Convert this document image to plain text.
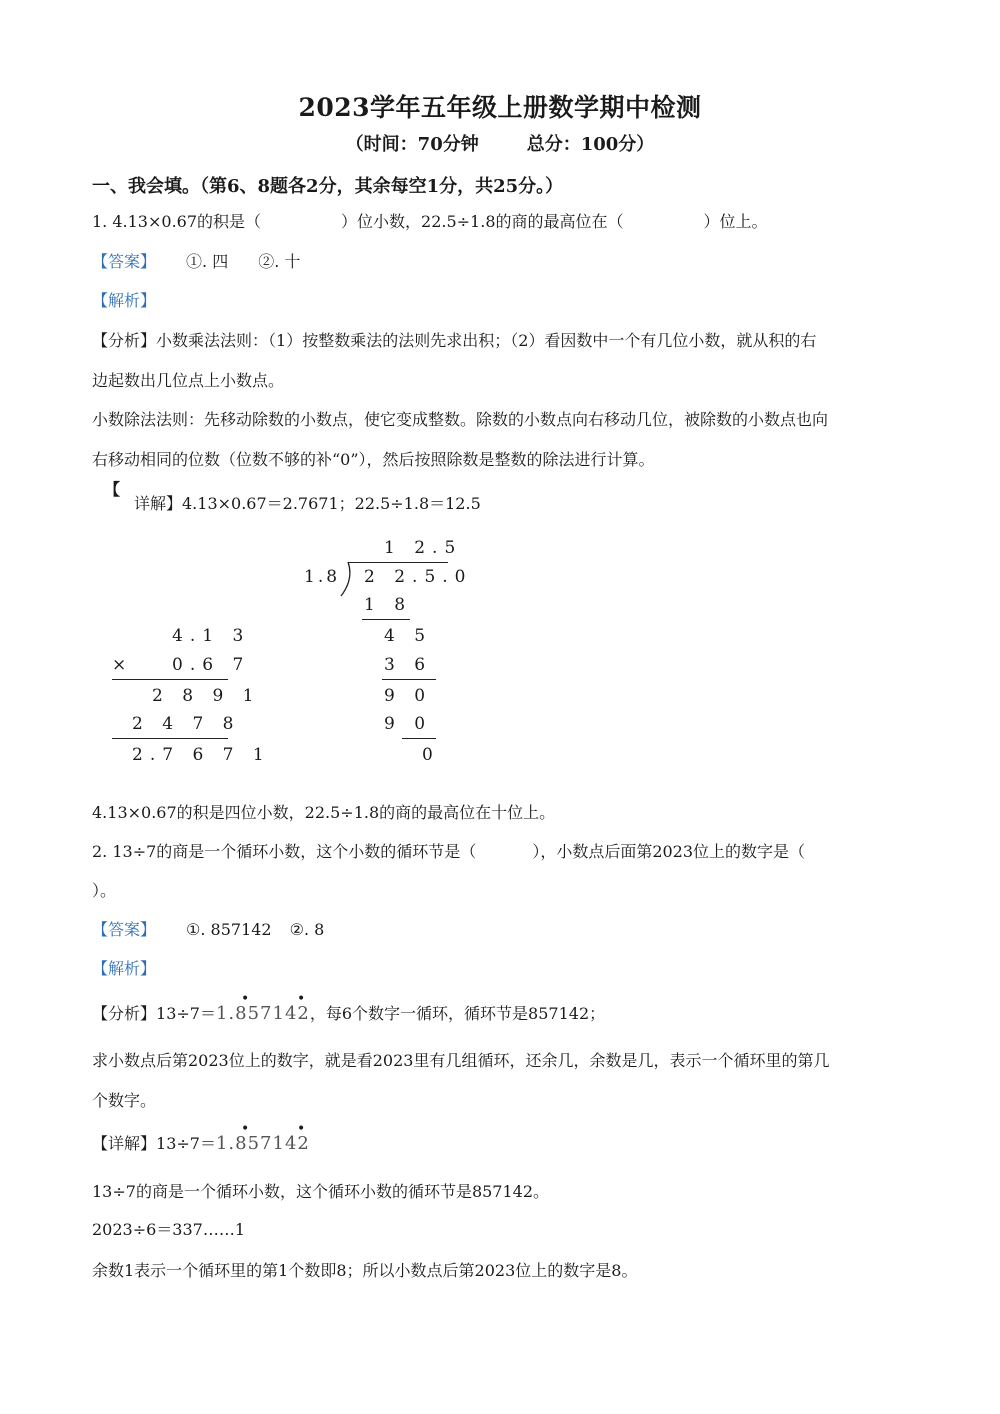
2023学年五年级上册数学期中检测
（时间：70分钟	总分：100分）
一、我会填。（第6、8题各2分，其余每空1分，共25分。）
1. 4.13×0.67的积是（	）位小数，22.5÷1.8的商的最高位在（	）位上。
【答案】 ①. 四 ②. 十
【解析】
【分析】小数乘法法则：（1）按整数乘法的法则先求出积；（2）看因数中一个有几位小数，就从积的右
边起数出几位点上小数点。
小数除法法则：先移动除数的小数点，使它变成整数。除数的小数点向右移动几位，被除数的小数点也向
右移动相同的位数（位数不够的补“0”），然后按照除数是整数的除法进行计算。
【
详解】4.13×0.67＝2.7671；22.5÷1.8＝12.5
1 2.5
1.8 2 2.5.0
1 8
4 5
3 6
9 0
9 0
0
4.1 3
×	0.6 7
2 8 9 1
2 4 7 8
2.7 6 7 1
4.13×0.67的积是四位小数，22.5÷1.8的商的最高位在十位上。
2. 13÷7的商是一个循环小数，这个小数的循环节是（	），小数点后面第2023位上的数字是（
）。
【答案】 ①. 857142 ②. 8
【解析】
【分析】13÷7＝1.857142，每6个数字一循环，循环节是857142；
•	•
求小数点后第2023位上的数字，就是看2023里有几组循环，还余几，余数是几，表示一个循环里的第几
个数字。
【详解】13÷7＝1.857142
•	•
13÷7的商是一个循环小数，这个循环小数的循环节是857142。
2023÷6＝337……1
余数1表示一个循环里的第1个数即8；所以小数点后第2023位上的数字是8。
